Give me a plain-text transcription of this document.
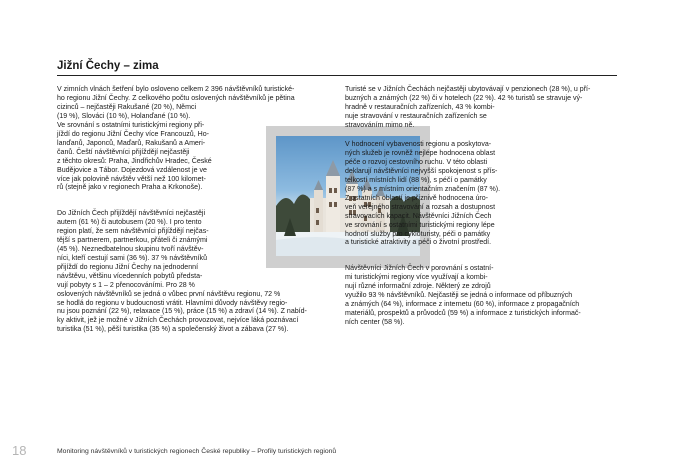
Jižní Čechy – zima
V zimních vlnách šetření bylo osloveno celkem 2 396 návštěvníků turistické-
ho regionu Jižní Čechy. Z celkového počtu oslovených návštěvníků je pětina
cizinců – nejčastěji Rakušané (20 %), Němci
(19 %), Slováci (10 %), Holanďané (10 %).
Ve srovnání s ostatními turistickými regiony při-
jíždí do regionu Jižní Čechy více Francouzů, Ho-
lanďanů, Japonců, Maďarů, Rakušanů a Ameri-
čanů. Čeští návštěvníci přijíždějí nejčastěji
z těchto okresů: Praha, Jindřichův Hradec, České
Budějovice a Tábor. Dojezdová vzdálenost je ve
více jak polovině návštěv větší než 100 kilomet-
rů (stejně jako v regionech Praha a Krkonoše).
Do Jižních Čech přijíždějí návštěvníci nejčastěji
autem (61 %) či autobusem (20 %). I pro tento
region platí, že sem návštěvníci přijíždějí nejčas-
tější s partnerem, partnerkou, přáteli či známými
(45 %). Neznedbatelnou skupinu tvoří návštěv-
níci, kteří cestují sami (36 %). 37 % návštěvníků
přijíždí do regionu Jižní Čechy na jednodenní
návštěvu, většinu vícedenních pobytů předsta-
vují pobyty s 1 – 2 přenocováními. Pro 28 %
oslovených návštěvníků se jedná o vůbec první návštěvu regionu, 72 %
se hodlá do regionu v budoucnosti vrátit. Hlavními důvody návštěvy regio-
nu jsou poznání (22 %), relaxace (15 %), práce (15 %) a zdraví (14 %). Z nabíd-
ky aktivit, jež je možné v Jižních Čechách provozovat, nejvíce láká poznávací
turistika (51 %), pěší turistika (35 %) a společenský život a zábava (27 %).
Turisté se v Jižních Čechách nejčastěji ubytovávají v penzionech (28 %), u pří-
buzných a známých (22 %) či v hotelech (22 %). 42 % turistů se stravuje vý-
hradně v restauračních zařízeních, 43 % kombi-
nuje stravování v restauračních zařízeních se
stravováním mimo ně.
V hodnocení vybavenosti regionu a poskytova-
ných služeb je rovněž nejlépe hodnocena oblast
péče o rozvoj cestovního ruchu. V této oblasti
deklarují návštěvníci nejvyšší spokojenost s přís-
telkostí místních lidí (88 %), s péčí o památky
(87 %) a s místním orientačním značením (87 %).
Z ostatních oblastí je příznivě hodnocena úro-
veň veřejného stravování a rozsah a dostupnost
stravovacích kapacit. Návštěvníci Jižních Čech
ve srovnání s ostatními turistickými regiony lépe
hodnotí služby pro cykloturisty, péči o památky
a turistické atraktivity a péči o životní prostředí.
Návštěvníci Jižních Čech v porovnání s ostatní-
mi turistickými regiony více využívají a kombi-
nují různé informační zdroje. Některý ze zdrojů
využilo 93 % návštěvníků. Nejčastěji se jedná o informace od příbuzných
a známých (64 %), informace z internetu (60 %), informace z propagačních
materiálů, prospektů a průvodců (59 %) a informace z turistických informač-
ních center (58 %).
18	Monitoring návštěvníků v turistických regionech České republiky – Profily turistických regionů
